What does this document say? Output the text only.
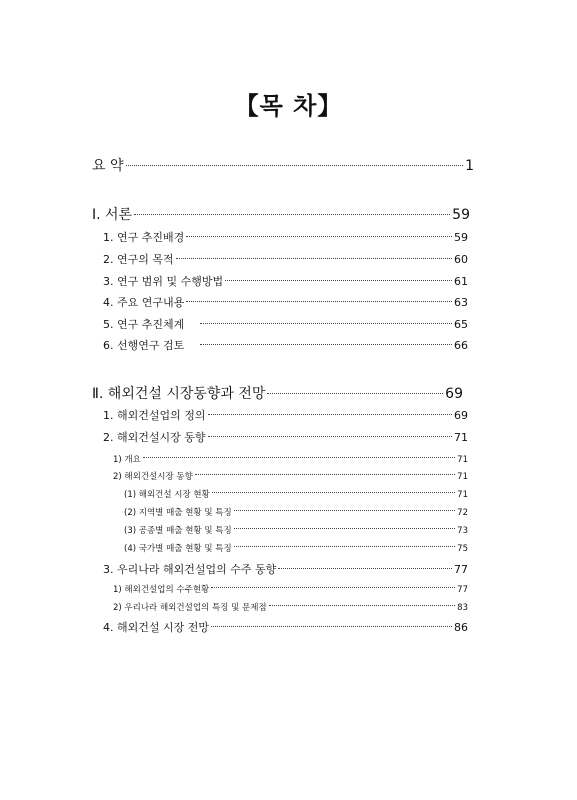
【목 차】
요 약	1
Ⅰ. 서론	59
1. 연구 추진배경	59
2. 연구의 목적	60
3. 연구 범위 및 수행방법	61
4. 주요 연구내용	63
5. 연구 추진체계	65
6. 선행연구 검토	66
Ⅱ. 해외건설 시장동향과 전망	69
1. 해외건설업의 정의	69
2. 해외건설시장 동향	71
1) 개요	71
2) 해외건설시장 동향	71
(1) 해외건설 시장 현황	71
(2) 지역별 매출 현황 및 특징	72
(3) 공종별 매출 현황 및 특징	73
(4) 국가별 매출 현황 및 특징	75
3. 우리나라 해외건설업의 수주 동향	77
1) 해외건설업의 수주현황	77
2) 우리나라 해외건설업의 특징 및 문제점	83
4. 해외건설 시장 전망	86
